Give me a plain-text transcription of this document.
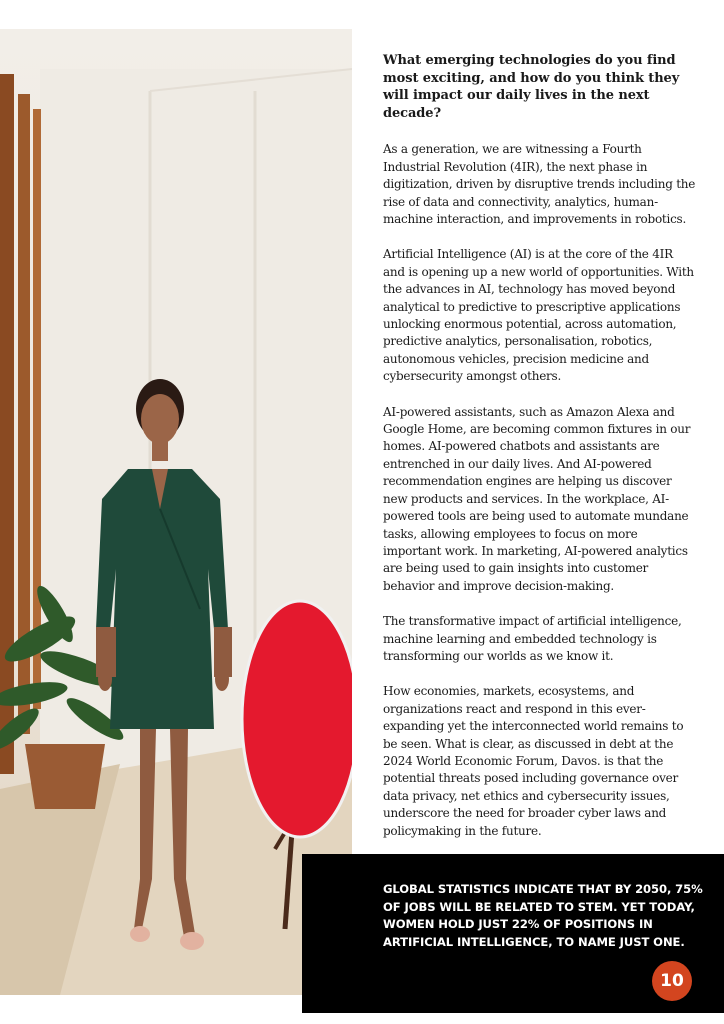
What emerging technologies do you find most exciting, and how do you think they will impact our daily lives in the next decade?

As a generation, we are witnessing a Fourth Industrial Revolution (4IR), the next phase in digitization, driven by disruptive trends including the rise of data and connectivity, analytics, human-machine interaction, and improvements in robotics.

Artificial Intelligence (AI) is at the core of the 4IR and is opening up a new world of opportunities. With the advances in AI, technology has moved beyond analytical to predictive to prescriptive applications unlocking enormous potential, across automation, predictive analytics, personalisation, robotics, autonomous vehicles, precision medicine and cybersecurity amongst others.

AI-powered assistants, such as Amazon Alexa and Google Home, are becoming common fixtures in our homes. AI-powered chatbots and assistants are entrenched in our daily lives. And AI-powered recommendation engines are helping us discover new products and services. In the workplace, AI-powered tools are being used to automate mundane tasks, allowing employees to focus on more important work. In marketing, AI-powered analytics are being used to gain insights into customer behavior and improve decision-making.

The transformative impact of artificial intelligence, machine learning and embedded technology is transforming our worlds as we know it.

How economies, markets, ecosystems, and organizations react and respond in this ever-expanding yet the interconnected world remains to be seen. What is clear, as discussed in debt at the 2024 World Economic Forum, Davos. is that the potential threats posed including governance over data privacy, net ethics and cybersecurity issues, underscore the need for broader cyber laws and policymaking in the future.

GLOBAL STATISTICS INDICATE THAT BY 2050, 75% OF JOBS WILL BE RELATED TO STEM. YET TODAY, WOMEN HOLD JUST 22% OF POSITIONS IN ARTIFICIAL INTELLIGENCE, TO NAME JUST ONE.

10
